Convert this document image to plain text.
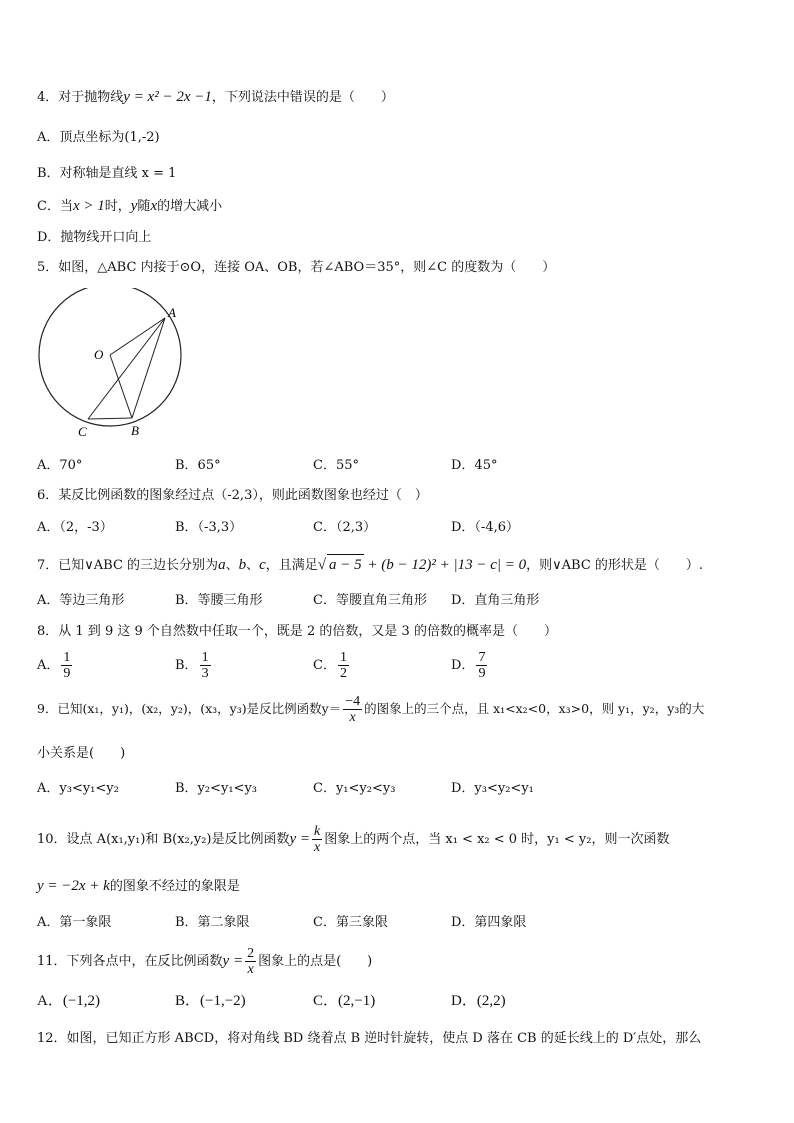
4．对于抛物线y = x² − 2x −1，下列说法中错误的是（　　）
A．顶点坐标为(1,‑2)
B．对称轴是直线 x = 1
C．当x > 1时，y随x的增大减小
D．抛物线开口向上
5．如图，△ABC 内接于⊙O，连接 OA、OB，若∠ABO＝35°，则∠C 的度数为（　　）
A
O
C	B
A．70°	B．65°	C．55°	D．45°
6．某反比例函数的图象经过点（-2,3），则此函数图象也经过（　）
A．（2，-3）	B．（-3,3）	C．（2,3）	D．（-4,6）
7．已知∨ABC 的三边长分别为a、b、c，且满足√ a − 5 + (b − 12)² + |13 − c| = 0，则∨ABC 的形状是（　　）.
A．等边三角形	B．等腰三角形	C．等腰直角三角形 D．直角三角形
8．从 1 到 9 这 9 个自然数中任取一个，既是 2 的倍数，又是 3 的倍数的概率是（　　）
A． $\frac{1}{9}$	B． $\frac{1}{3}$	C． $\frac{1}{2}$	D． $\frac{7}{9}$
9．已知(x₁，y₁)，(x₂，y₂)，(x₃，y₃)是反比例函数$y= \frac{-4}{x}$ 的图象上的三个点，且 x₁<x₂<0，x₃>0，则 y₁，y₂，y₃的大
小关系是(　　)
A．y₃<y₁<y₂	B．y₂<y₁<y₃	C．y₁<y₂<y₃	D．y₃<y₂<y₁
10．设点 A(x₁,y₁)和 B(x₂,y₂)是反比例函数$y = \frac{k}{x}$ 图象上的两个点，当 x₁ < x₂ < 0 时，y₁ < y₂，则一次函数
y = −2x + k的图象不经过的象限是
A．第一象限	B．第二象限	C．第三象限	D．第四象限
11．下列各点中，在反比例函数$y = \frac{2}{x}$ 图象上的点是(　　)
A．(−1,2)	B．(−1,−2)	C．(2,−1)	D．(2,2)
12．如图，已知正方形 ABCD，将对角线 BD 绕着点 B 逆时针旋转，使点 D 落在 CB 的延长线上的 D′点处，那么
